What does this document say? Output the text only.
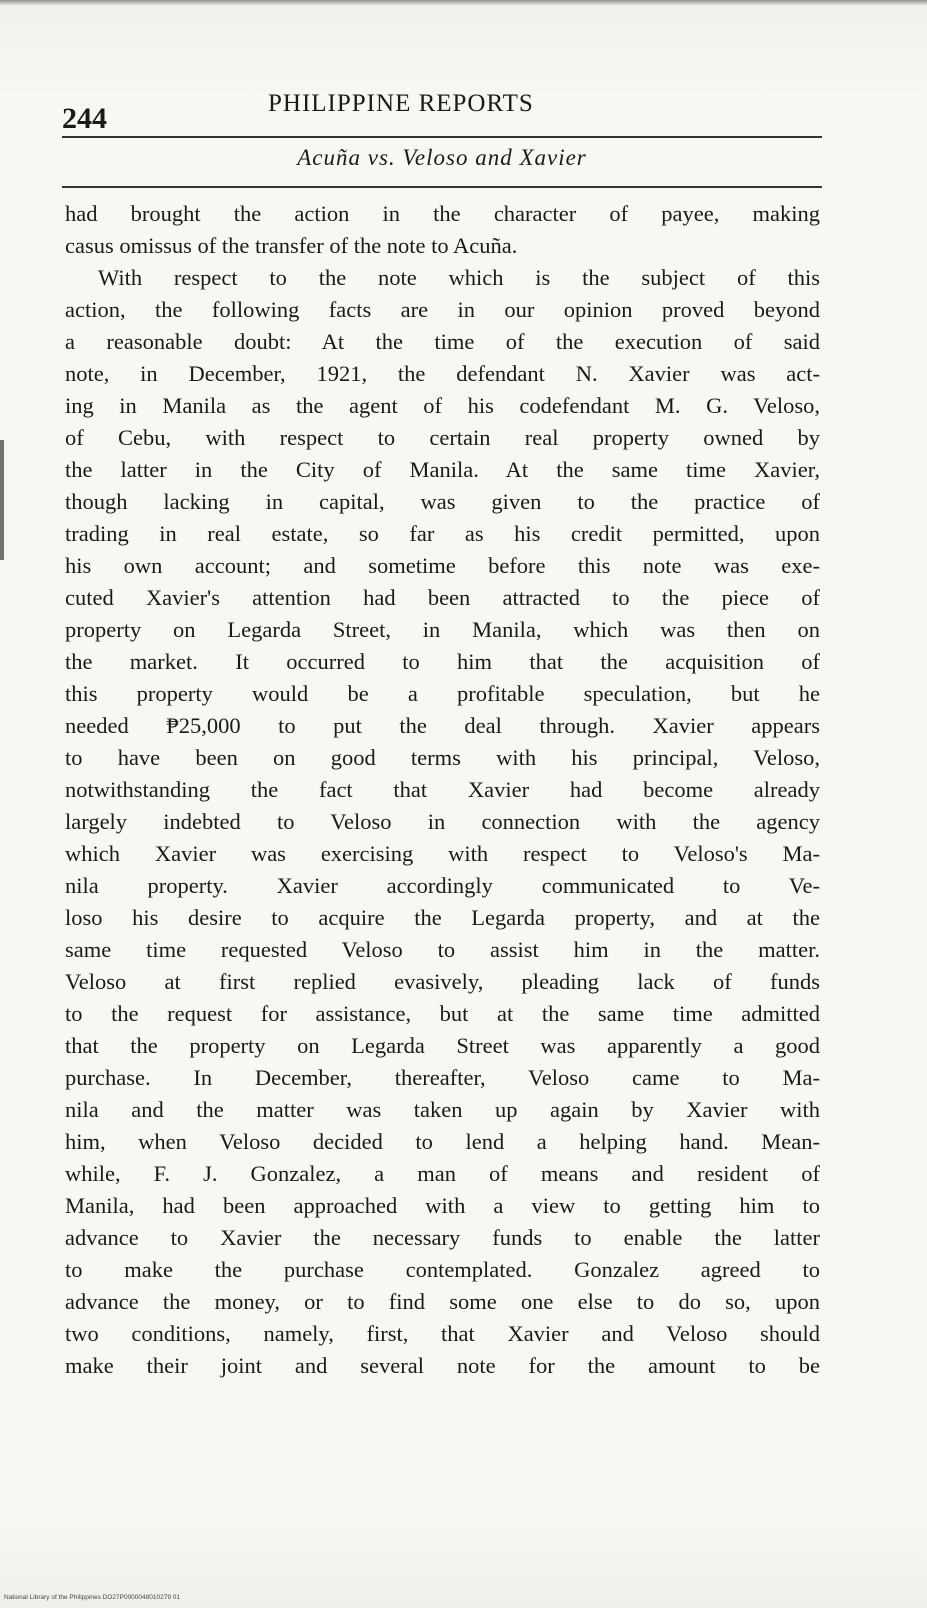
244	PHILIPPINE REPORTS
Acuña vs. Veloso and Xavier
had brought the action in the character of payee, making
casus omissus of the transfer of the note to Acuña.
With respect to the note which is the subject of this
action, the following facts are in our opinion proved beyond
a reasonable doubt: At the time of the execution of said
note, in December, 1921, the defendant N. Xavier was act-
ing in Manila as the agent of his codefendant M. G. Veloso,
of Cebu, with respect to certain real property owned by
the latter in the City of Manila. At the same time Xavier,
though lacking in capital, was given to the practice of
trading in real estate, so far as his credit permitted, upon
his own account; and sometime before this note was exe-
cuted Xavier's attention had been attracted to the piece of
property on Legarda Street, in Manila, which was then on
the market. It occurred to him that the acquisition of
this property would be a profitable speculation, but he
needed ₱25,000 to put the deal through. Xavier appears
to have been on good terms with his principal, Veloso,
notwithstanding the fact that Xavier had become already
largely indebted to Veloso in connection with the agency
which Xavier was exercising with respect to Veloso's Ma-
nila property. Xavier accordingly communicated to Ve-
loso his desire to acquire the Legarda property, and at the
same time requested Veloso to assist him in the matter.
Veloso at first replied evasively, pleading lack of funds
to the request for assistance, but at the same time admitted
that the property on Legarda Street was apparently a good
purchase. In December, thereafter, Veloso came to Ma-
nila and the matter was taken up again by Xavier with
him, when Veloso decided to lend a helping hand. Mean-
while, F. J. Gonzalez, a man of means and resident of
Manila, had been approached with a view to getting him to
advance to Xavier the necessary funds to enable the latter
to make the purchase contemplated. Gonzalez agreed to
advance the money, or to find some one else to do so, upon
two conditions, namely, first, that Xavier and Veloso should
make their joint and several note for the amount to be
National Library of the Philippines DO27P0000048010279 01
